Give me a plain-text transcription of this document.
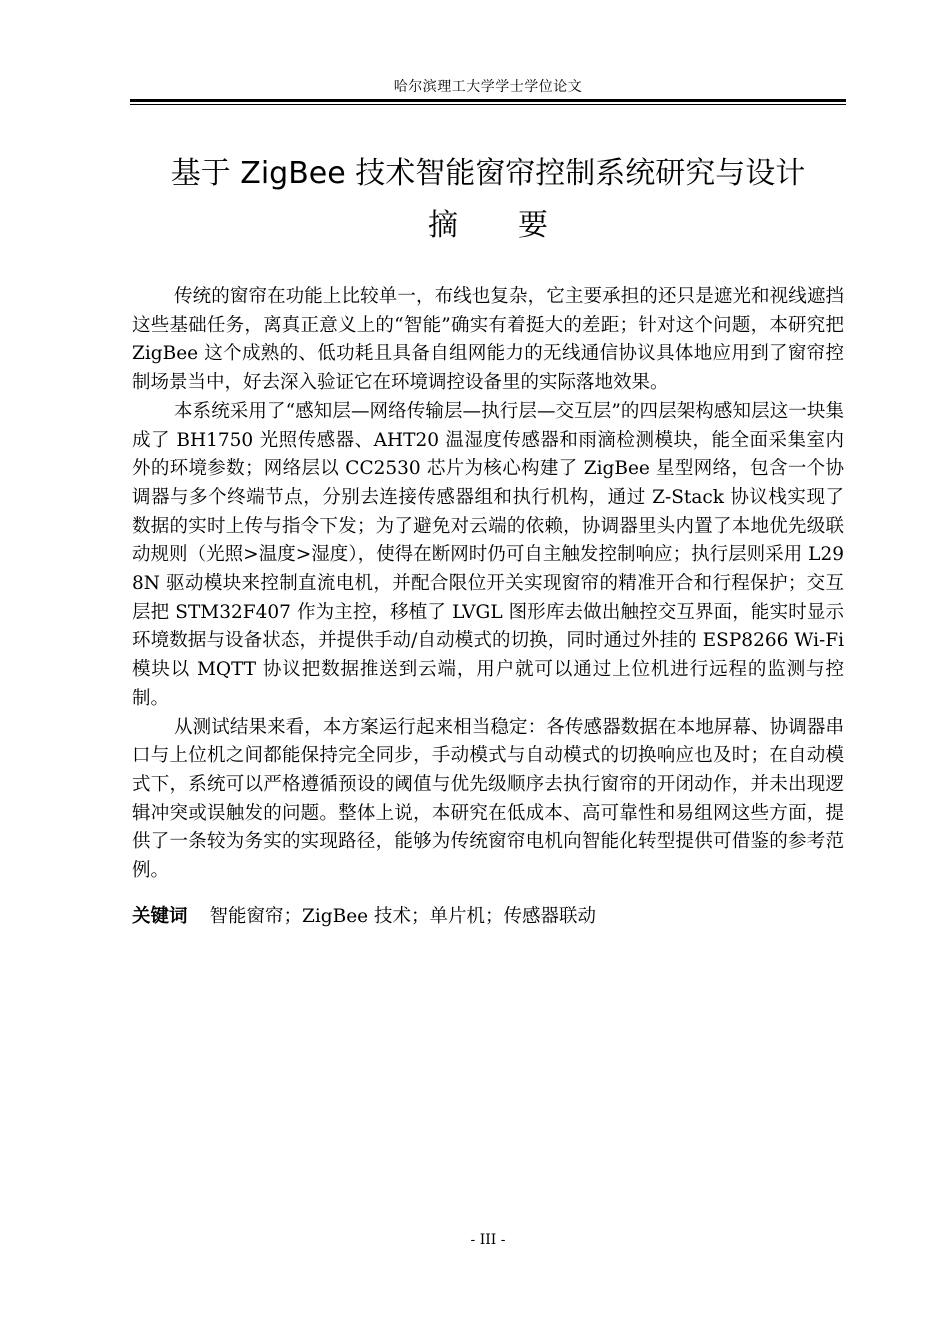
哈尔滨理工大学学士学位论文
基于 ZigBee 技术智能窗帘控制系统研究与设计
摘要

传统的窗帘在功能上比较单一，布线也复杂，它主要承担的还只是遮光和视线遮挡这些基础任务，离真正意义上的“智能”确实有着挺大的差距；针对这个问题，本研究把 ZigBee 这个成熟的、低功耗且具备自组网能力的无线通信协议具体地应用到了窗帘控制场景当中，好去深入验证它在环境调控设备里的实际落地效果。

本系统采用了“感知层—网络传输层—执行层—交互层”的四层架构感知层这一块集成了 BH1750 光照传感器、AHT20 温湿度传感器和雨滴检测模块，能全面采集室内外的环境参数；网络层以 CC2530 芯片为核心构建了 ZigBee 星型网络，包含一个协调器与多个终端节点，分别去连接传感器组和执行机构，通过 Z-Stack 协议栈实现了数据的实时上传与指令下发；为了避免对云端的依赖，协调器里头内置了本地优先级联动规则（光照>温度>湿度），使得在断网时仍可自主触发控制响应；执行层则采用 L298N 驱动模块来控制直流电机，并配合限位开关实现窗帘的精准开合和行程保护；交互层把 STM32F407 作为主控，移植了 LVGL 图形库去做出触控交互界面，能实时显示环境数据与设备状态，并提供手动/自动模式的切换，同时通过外挂的 ESP8266 Wi-Fi 模块以 MQTT 协议把数据推送到云端，用户就可以通过上位机进行远程的监测与控制。

从测试结果来看，本方案运行起来相当稳定：各传感器数据在本地屏幕、协调器串口与上位机之间都能保持完全同步，手动模式与自动模式的切换响应也及时；在自动模式下，系统可以严格遵循预设的阈值与优先级顺序去执行窗帘的开闭动作，并未出现逻辑冲突或误触发的问题。整体上说，本研究在低成本、高可靠性和易组网这些方面，提供了一条较为务实的实现路径，能够为传统窗帘电机向智能化转型提供可借鉴的参考范例。

关键词 智能窗帘；ZigBee 技术；单片机；传感器联动
- III -
